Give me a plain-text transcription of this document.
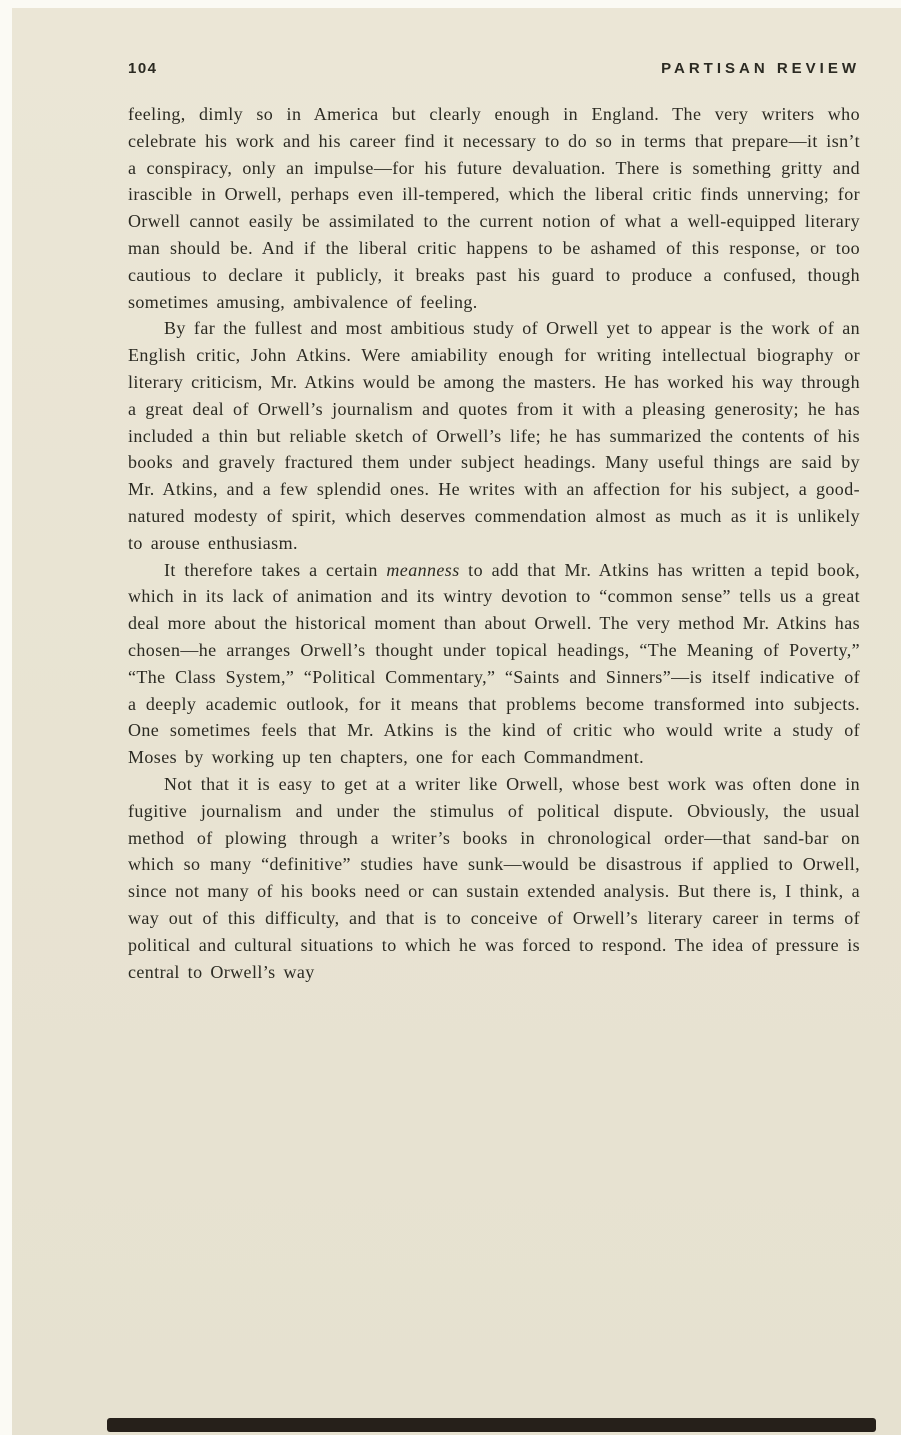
104	PARTISAN REVIEW

feeling, dimly so in America but clearly enough in England. The very writers who celebrate his work and his career find it necessary to do so in terms that prepare—it isn’t a conspiracy, only an impulse—for his future devaluation. There is something gritty and irascible in Orwell, perhaps even ill-tempered, which the liberal critic finds unnerving; for Orwell cannot easily be assimilated to the current notion of what a well-equipped literary man should be. And if the liberal critic happens to be ashamed of this response, or too cautious to declare it publicly, it breaks past his guard to produce a confused, though sometimes amusing, ambivalence of feeling.

By far the fullest and most ambitious study of Orwell yet to appear is the work of an English critic, John Atkins. Were amiability enough for writing intellectual biography or literary criticism, Mr. Atkins would be among the masters. He has worked his way through a great deal of Orwell’s journalism and quotes from it with a pleasing generosity; he has included a thin but reliable sketch of Orwell’s life; he has summarized the contents of his books and gravely fractured them under subject headings. Many useful things are said by Mr. Atkins, and a few splendid ones. He writes with an affection for his subject, a good-natured modesty of spirit, which deserves commendation almost as much as it is unlikely to arouse enthusiasm.

It therefore takes a certain meanness to add that Mr. Atkins has written a tepid book, which in its lack of animation and its wintry devotion to “common sense” tells us a great deal more about the historical moment than about Orwell. The very method Mr. Atkins has chosen—he arranges Orwell’s thought under topical headings, “The Meaning of Poverty,” “The Class System,” “Political Commentary,” “Saints and Sinners”—is itself indicative of a deeply academic outlook, for it means that problems become transformed into subjects. One sometimes feels that Mr. Atkins is the kind of critic who would write a study of Moses by working up ten chapters, one for each Commandment.

Not that it is easy to get at a writer like Orwell, whose best work was often done in fugitive journalism and under the stimulus of political dispute. Obviously, the usual method of plowing through a writer’s books in chronological order—that sand-bar on which so many “definitive” studies have sunk—would be disastrous if applied to Orwell, since not many of his books need or can sustain extended analysis. But there is, I think, a way out of this difficulty, and that is to conceive of Orwell’s literary career in terms of political and cultural situations to which he was forced to respond. The idea of pressure is central to Orwell’s way
